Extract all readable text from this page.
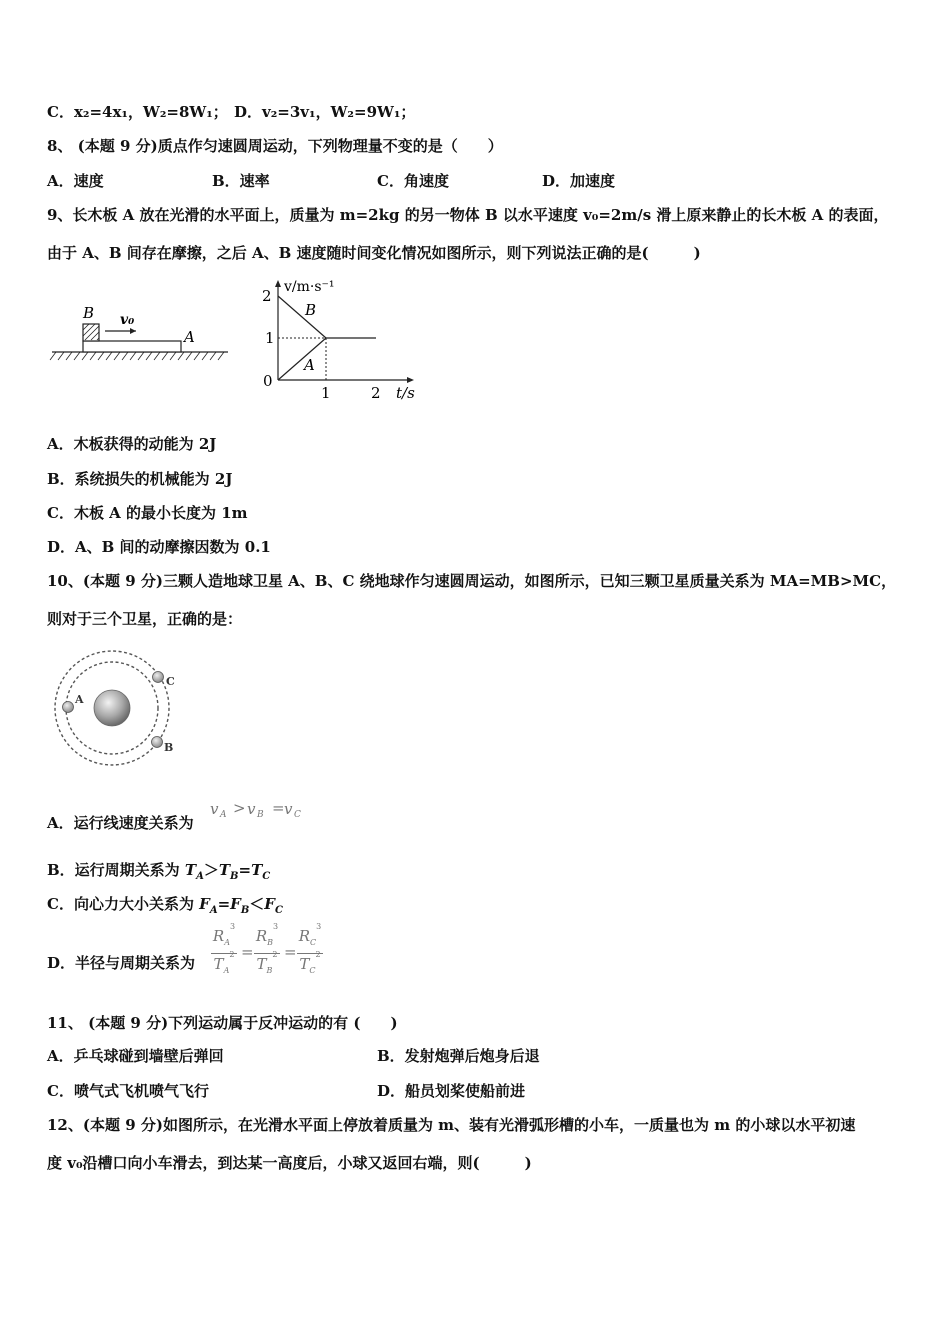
C．x₂=4x₁，W₂=8W₁； D．v₂=3v₁，W₂=9W₁；
8、 (本题 9 分)质点作匀速圆周运动，下列物理量不变的是（　　）
A．速度	B．速率	C．角速度	D．加速度
9、长木板 A 放在光滑的水平面上，质量为 m=2kg 的另一物体 B 以水平速度 v₀=2m/s 滑上原来静止的长木板 A 的表面，
由于 A、B 间存在摩擦，之后 A、B 速度随时间变化情况如图所示，则下列说法正确的是(　　　)
B v₀
A
2
1
0
1	2 t/s
v/m·s⁻¹
B
A
A．木板获得的动能为 2J
B．系统损失的机械能为 2J
C．木板 A 的最小长度为 1m
D．A、B 间的动摩擦因数为 0.1
10、(本题 9 分)三颗人造地球卫星 A、B、C 绕地球作匀速圆周运动，如图所示，已知三颗卫星质量关系为 MA=MB>MC，
则对于三个卫星，正确的是：
A
B
C
A．运行线速度关系为
v A > v B = v C
B．运行周期关系为 $T_A>T_B=T_C$
C．向心力大小关系为 $F_A=F_B<F_C$
D．半径与周期关系为
$R_A^3$
$T_A^2$ =
$R_B^3$
$T_B^2$ =
$R_C^3$
$T_C^2$
11、 (本题 9 分)下列运动属于反冲运动的有 (　　)
A．乒乓球碰到墙壁后弹回	B．发射炮弹后炮身后退
C．喷气式飞机喷气飞行	D．船员划桨使船前进
12、(本题 9 分)如图所示，在光滑水平面上停放着质量为 m、装有光滑弧形槽的小车，一质量也为 m 的小球以水平初速
度 v₀沿槽口向小车滑去，到达某一高度后，小球又返回右端，则(　　　)
